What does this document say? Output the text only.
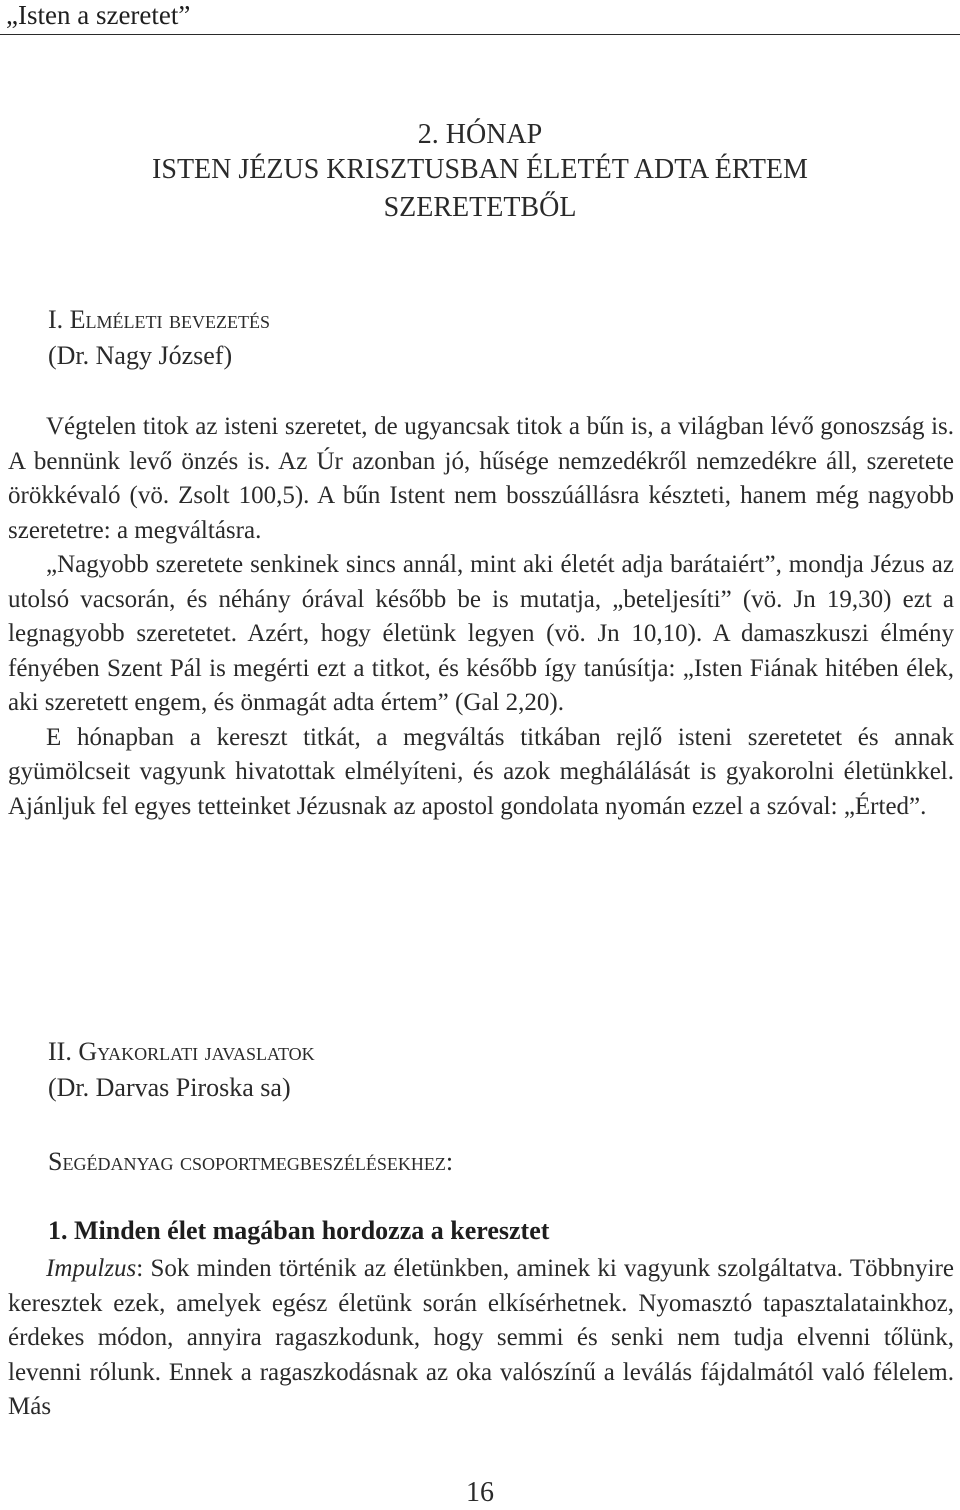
„Isten a szeretet”
2. HÓNAP
ISTEN JÉZUS KRISZTUSBAN ÉLETÉT ADTA ÉRTEM
SZERETETBŐL
I. Elméleti bevezetés
(Dr. Nagy József)

Végtelen titok az isteni szeretet, de ugyancsak titok a bűn is, a világban lévő gonoszság is. A bennünk levő önzés is. Az Úr azonban jó, hűsége nemzedékről nemzedékre áll, szeretete örökkévaló (vö. Zsolt 100,5). A bűn Istent nem bosszúállásra készteti, hanem még nagyobb szeretetre: a megváltásra.

„Nagyobb szeretete senkinek sincs annál, mint aki életét adja barátaiért”, mondja Jézus az utolsó vacsorán, és néhány órával később be is mutatja, „beteljesíti” (vö. Jn 19,30) ezt a legnagyobb szeretetet. Azért, hogy életünk legyen (vö. Jn 10,10). A damaszkuszi élmény fényében Szent Pál is megérti ezt a titkot, és később így tanúsítja: „Isten Fiának hitében élek, aki szeretett engem, és önmagát adta értem” (Gal 2,20).

E hónapban a kereszt titkát, a megváltás titkában rejlő isteni szeretetet és annak gyümölcseit vagyunk hivatottak elmélyíteni, és azok meghálálását is gyakorolni életünkkel. Ajánljuk fel egyes tetteinket Jézusnak az apostol gondolata nyomán ezzel a szóval: „Érted”.

II. Gyakorlati javaslatok
(Dr. Darvas Piroska sa)
Segédanyag csoportmegbeszélésekhez:
1. Minden élet magában hordozza a keresztet

Impulzus: Sok minden történik az életünkben, aminek ki vagyunk szolgáltatva. Többnyire keresztek ezek, amelyek egész életünk során elkísérhetnek. Nyomasztó tapasztalatainkhoz, érdekes módon, annyira ragaszkodunk, hogy semmi és senki nem tudja elvenni tőlünk, levenni rólunk. Ennek a ragaszkodásnak az oka valószínű a leválás fájdalmától való félelem. Más

16
